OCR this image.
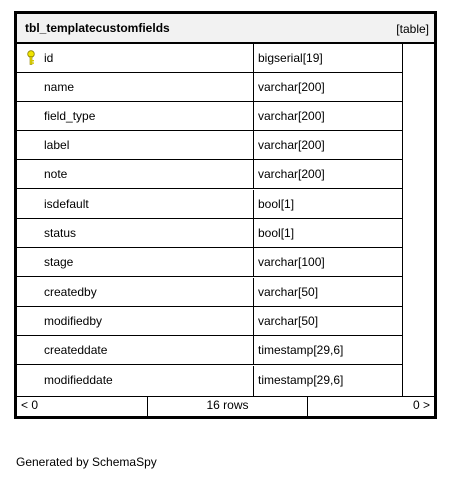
tbl_templatecustomfields	[table]
id	bigserial[19]
name	varchar[200]
field_type	varchar[200]
label	varchar[200]
note	varchar[200]
isdefault	bool[1]
status	bool[1]
stage	varchar[100]
createdby	varchar[50]
modifiedby	varchar[50]
createddate	timestamp[29,6]
modifieddate	timestamp[29,6]
< 0	16 rows	0 >
Generated by SchemaSpy
